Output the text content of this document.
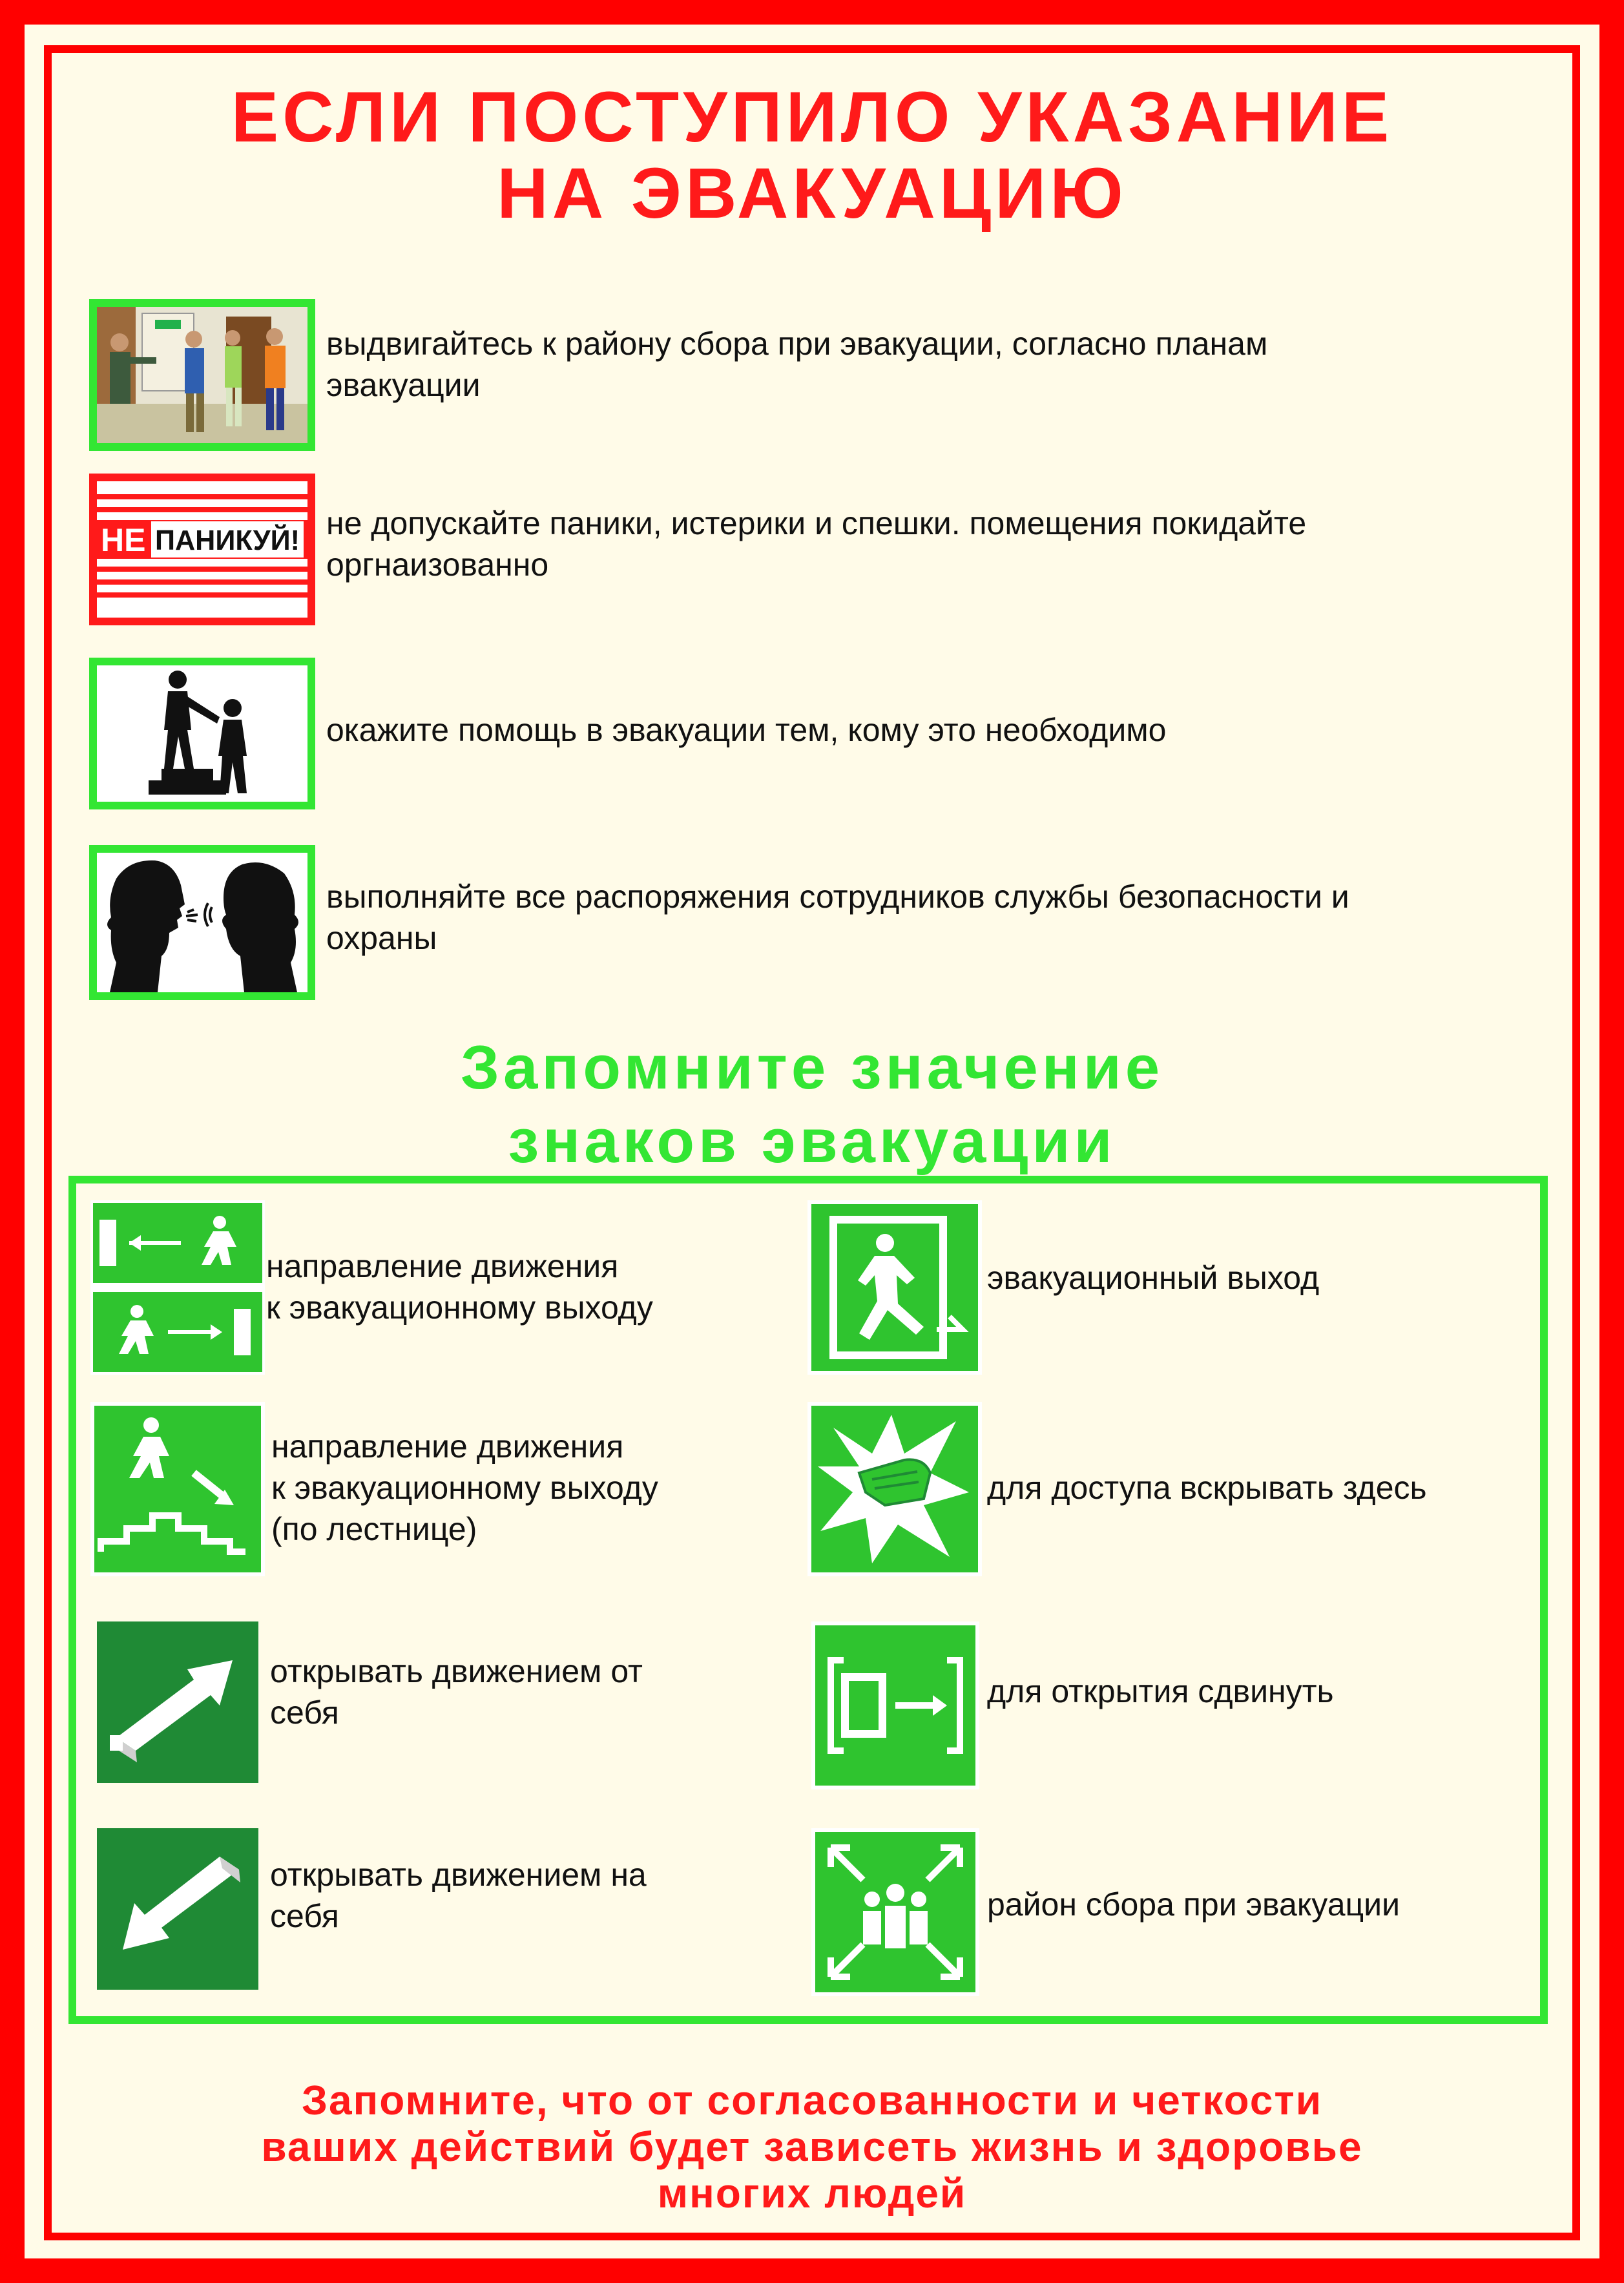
ЕСЛИ ПОСТУПИЛО УКАЗАНИЕ
НА ЭВАКУАЦИЮ
выдвигайтесь к району сбора при эвакуации, согласно планам
эвакуации
НЕ ПАНИКУЙ! не допускайте паники, истерики и спешки. помещения покидайте
оргнаизованно
окажите помощь в эвакуации тем, кому это необходимо
выполняйте все распоряжения сотрудников службы безопасности и
охраны
Запомните значение
знаков эвакуации
направление движения
к эвакуационному выходу
направление движения
к эвакуационному выходу
(по лестнице)
открывать движением от
себя
открывать движением на
себя
эвакуационный выход
для доступа вскрывать здесь
для открытия сдвинуть
район сбора при эвакуации
Запомните, что от согласованности и четкости
ваших действий будет зависеть жизнь и здоровье
многих людей
